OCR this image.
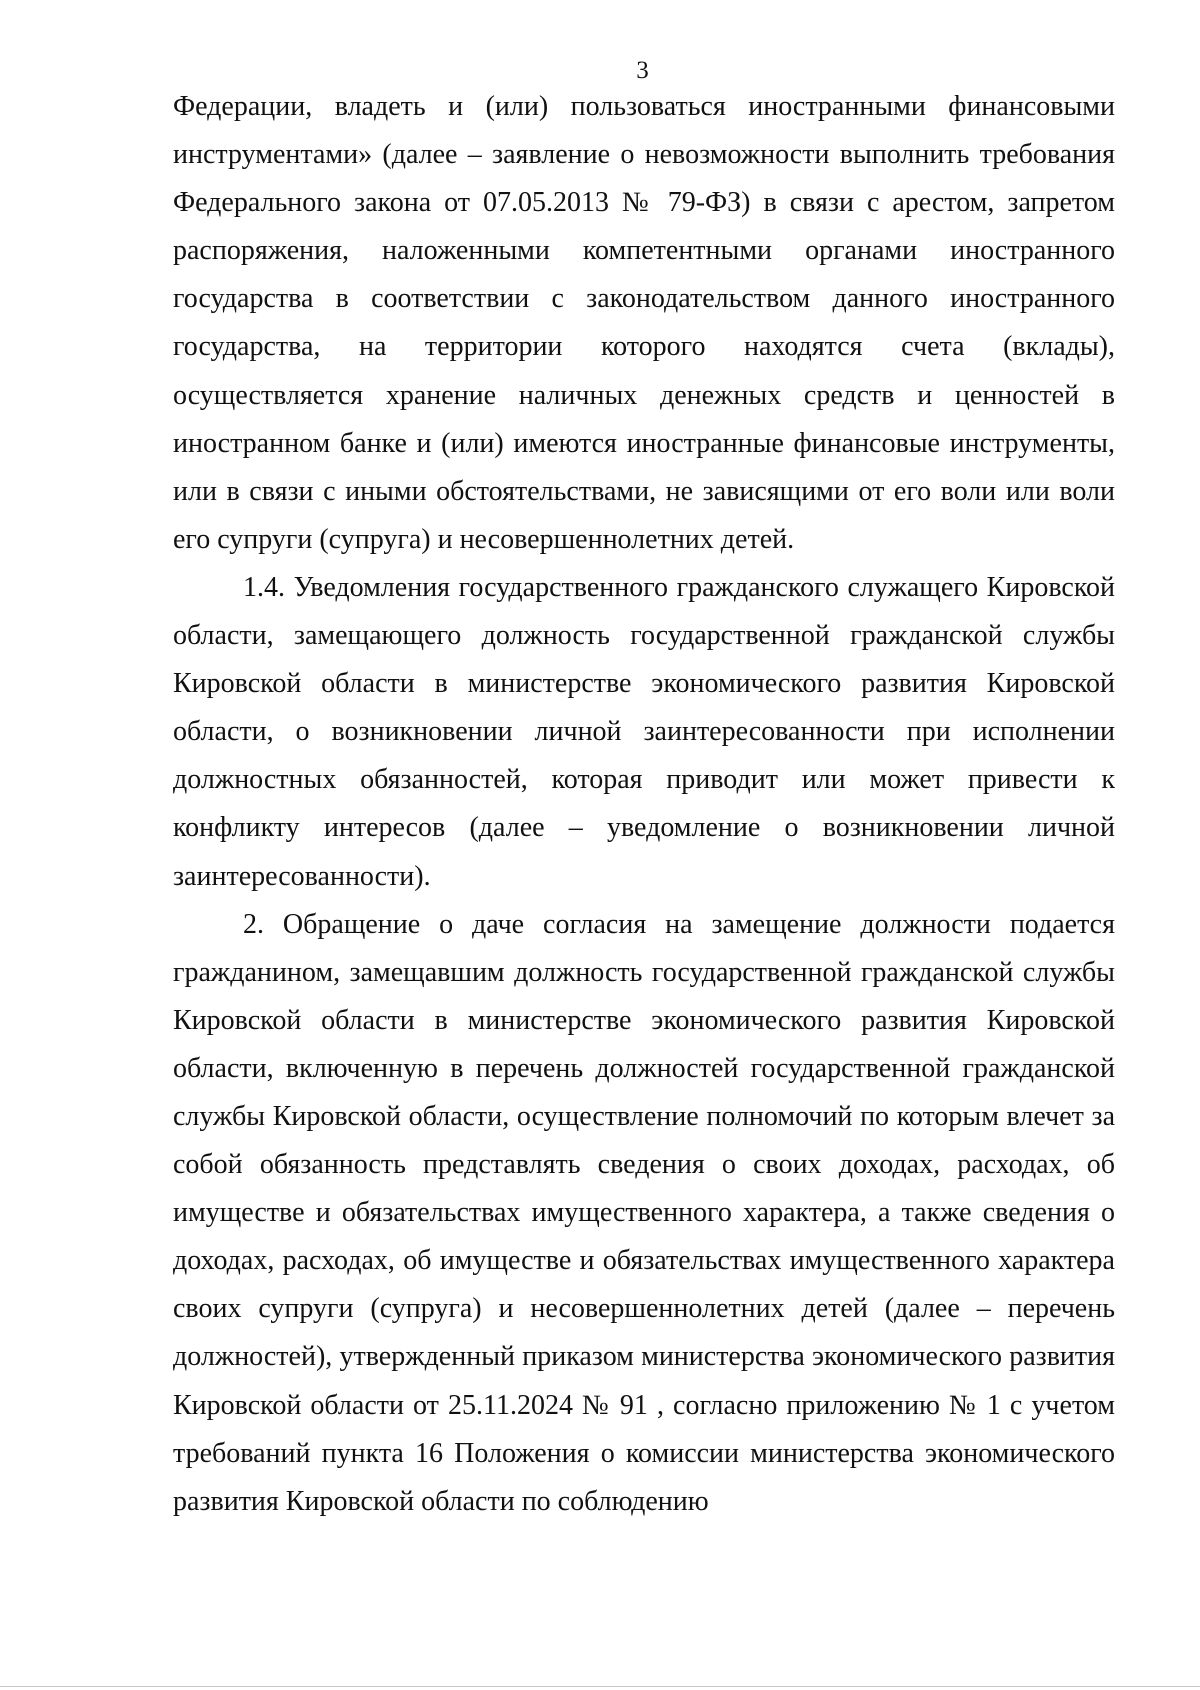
3

Федерации, владеть и (или) пользоваться иностранными финансовыми инструментами» (далее – заявление о невозможности выполнить требования Федерального закона от 07.05.2013 № 79-ФЗ) в связи с арестом, запретом распоряжения, наложенными компетентными органами иностранного государства в соответствии с законодательством данного иностранного государства, на территории которого находятся счета (вклады), осуществляется хранение наличных денежных средств и ценностей в иностранном банке и (или) имеются иностранные финансовые инструменты, или в связи с иными обстоятельствами, не зависящими от его воли или воли его супруги (супруга) и несовершеннолетних детей.

1.4. Уведомления государственного гражданского служащего Кировской области, замещающего должность государственной гражданской службы Кировской области в министерстве экономического развития Кировской области, о возникновении личной заинтересованности при исполнении должностных обязанностей, которая приводит или может привести к конфликту интересов (далее – уведомление о возникновении личной заинтересованности).

2. Обращение о даче согласия на замещение должности подается гражданином, замещавшим должность государственной гражданской службы Кировской области в министерстве экономического развития Кировской области, включенную в перечень должностей государственной гражданской службы Кировской области, осуществление полномочий по которым влечет за собой обязанность представлять сведения о своих доходах, расходах, об имуществе и обязательствах имущественного характера, а также сведения о доходах, расходах, об имуществе и обязательствах имущественного характера своих супруги (супруга) и несовершеннолетних детей (далее – перечень должностей), утвержденный приказом министерства экономического развития Кировской области от 25.11.2024 № 91 , согласно приложению № 1 с учетом требований пункта 16 Положения о комиссии министерства экономического развития Кировской области по соблюдению
